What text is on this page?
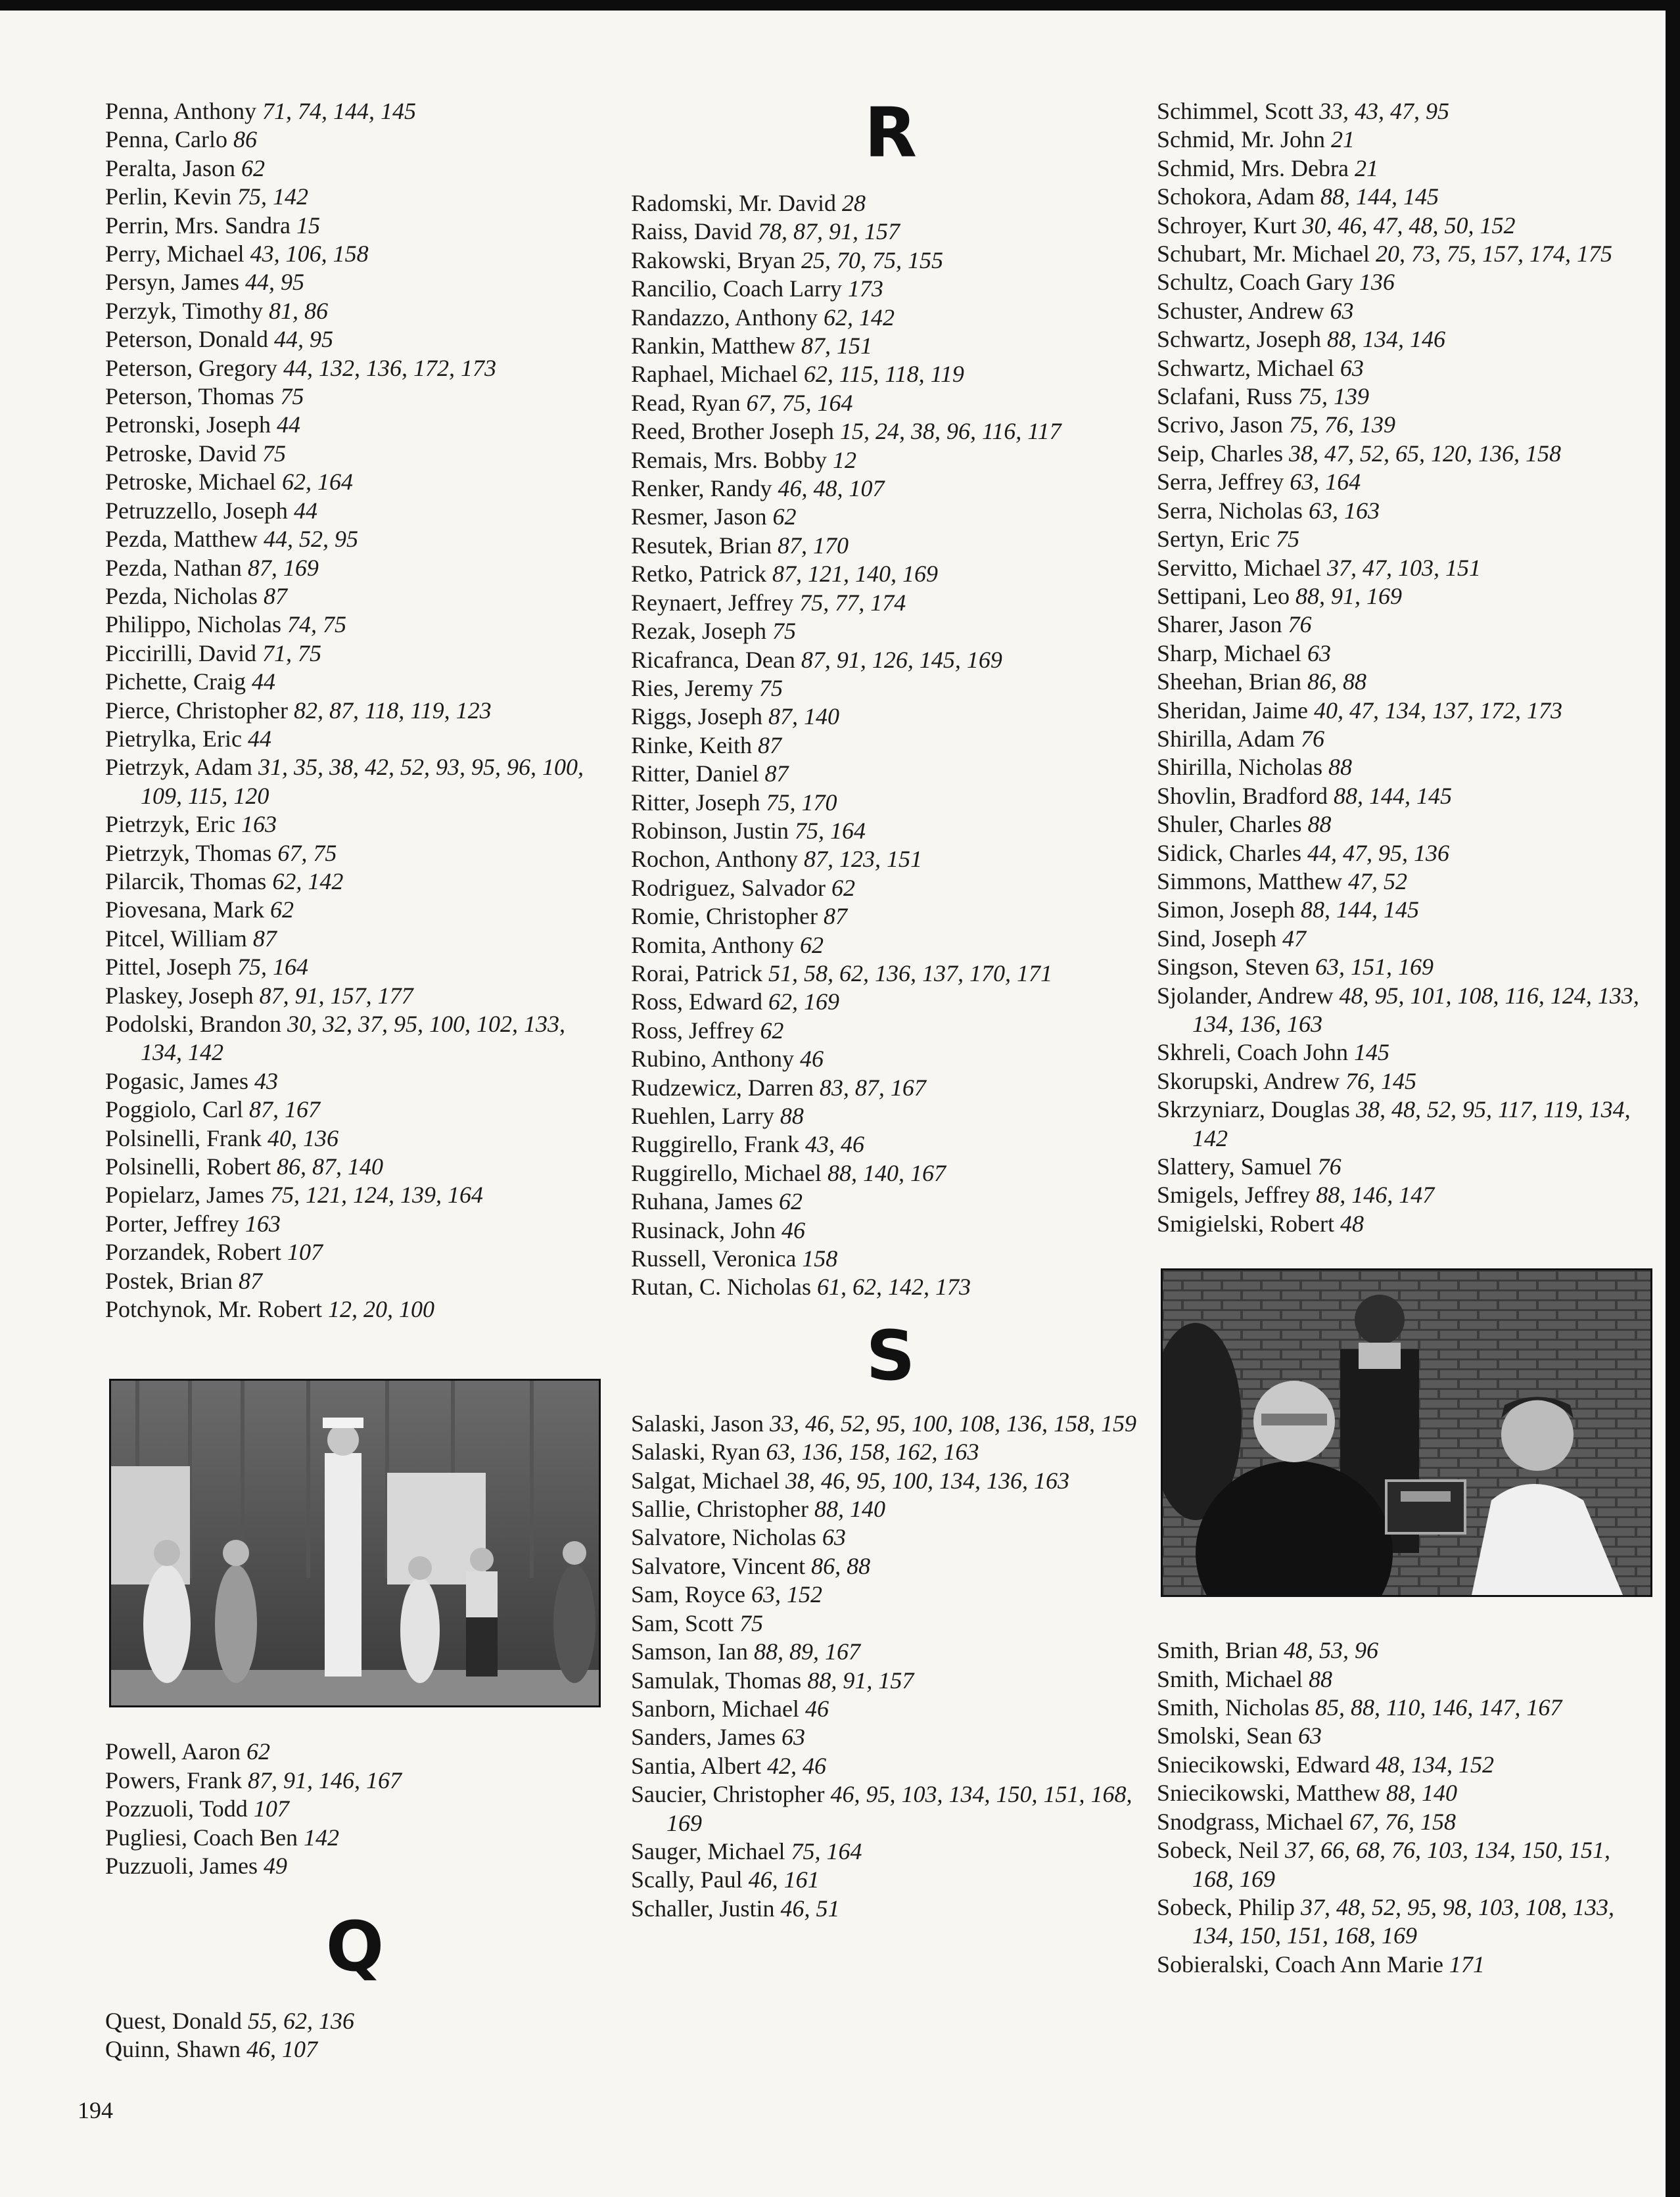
Penna, Anthony 71, 74, 144, 145
Penna, Carlo 86
Peralta, Jason 62
Perlin, Kevin 75, 142
Perrin, Mrs. Sandra 15
Perry, Michael 43, 106, 158
Persyn, James 44, 95
Perzyk, Timothy 81, 86
Peterson, Donald 44, 95
Peterson, Gregory 44, 132, 136, 172, 173
Peterson, Thomas 75
Petronski, Joseph 44
Petroske, David 75
Petroske, Michael 62, 164
Petruzzello, Joseph 44
Pezda, Matthew 44, 52, 95
Pezda, Nathan 87, 169
Pezda, Nicholas 87
Philippo, Nicholas 74, 75
Piccirilli, David 71, 75
Pichette, Craig 44
Pierce, Christopher 82, 87, 118, 119, 123
Pietrylka, Eric 44
Pietrzyk, Adam 31, 35, 38, 42, 52, 93, 95, 96, 100, 109, 115, 120
Pietrzyk, Eric 163
Pietrzyk, Thomas 67, 75
Pilarcik, Thomas 62, 142
Piovesana, Mark 62
Pitcel, William 87
Pittel, Joseph 75, 164
Plaskey, Joseph 87, 91, 157, 177
Podolski, Brandon 30, 32, 37, 95, 100, 102, 133, 134, 142
Pogasic, James 43
Poggiolo, Carl 87, 167
Polsinelli, Frank 40, 136
Polsinelli, Robert 86, 87, 140
Popielarz, James 75, 121, 124, 139, 164
Porter, Jeffrey 163
Porzandek, Robert 107
Postek, Brian 87
Potchynok, Mr. Robert 12, 20, 100
Powell, Aaron 62
Powers, Frank 87, 91, 146, 167
Pozzuoli, Todd 107
Pugliesi, Coach Ben 142
Puzzuoli, James 49
Q
Quest, Donald 55, 62, 136
Quinn, Shawn 46, 107
R
Radomski, Mr. David 28
Raiss, David 78, 87, 91, 157
Rakowski, Bryan 25, 70, 75, 155
Rancilio, Coach Larry 173
Randazzo, Anthony 62, 142
Rankin, Matthew 87, 151
Raphael, Michael 62, 115, 118, 119
Read, Ryan 67, 75, 164
Reed, Brother Joseph 15, 24, 38, 96, 116, 117
Remais, Mrs. Bobby 12
Renker, Randy 46, 48, 107
Resmer, Jason 62
Resutek, Brian 87, 170
Retko, Patrick 87, 121, 140, 169
Reynaert, Jeffrey 75, 77, 174
Rezak, Joseph 75
Ricafranca, Dean 87, 91, 126, 145, 169
Ries, Jeremy 75
Riggs, Joseph 87, 140
Rinke, Keith 87
Ritter, Daniel 87
Ritter, Joseph 75, 170
Robinson, Justin 75, 164
Rochon, Anthony 87, 123, 151
Rodriguez, Salvador 62
Romie, Christopher 87
Romita, Anthony 62
Rorai, Patrick 51, 58, 62, 136, 137, 170, 171
Ross, Edward 62, 169
Ross, Jeffrey 62
Rubino, Anthony 46
Rudzewicz, Darren 83, 87, 167
Ruehlen, Larry 88
Ruggirello, Frank 43, 46
Ruggirello, Michael 88, 140, 167
Ruhana, James 62
Rusinack, John 46
Russell, Veronica 158
Rutan, C. Nicholas 61, 62, 142, 173
S
Salaski, Jason 33, 46, 52, 95, 100, 108, 136, 158, 159
Salaski, Ryan 63, 136, 158, 162, 163
Salgat, Michael 38, 46, 95, 100, 134, 136, 163
Sallie, Christopher 88, 140
Salvatore, Nicholas 63
Salvatore, Vincent 86, 88
Sam, Royce 63, 152
Sam, Scott 75
Samson, Ian 88, 89, 167
Samulak, Thomas 88, 91, 157
Sanborn, Michael 46
Sanders, James 63
Santia, Albert 42, 46
Saucier, Christopher 46, 95, 103, 134, 150, 151, 168, 169
Sauger, Michael 75, 164
Scally, Paul 46, 161
Schaller, Justin 46, 51
Schimmel, Scott 33, 43, 47, 95
Schmid, Mr. John 21
Schmid, Mrs. Debra 21
Schokora, Adam 88, 144, 145
Schroyer, Kurt 30, 46, 47, 48, 50, 152
Schubart, Mr. Michael 20, 73, 75, 157, 174, 175
Schultz, Coach Gary 136
Schuster, Andrew 63
Schwartz, Joseph 88, 134, 146
Schwartz, Michael 63
Sclafani, Russ 75, 139
Scrivo, Jason 75, 76, 139
Seip, Charles 38, 47, 52, 65, 120, 136, 158
Serra, Jeffrey 63, 164
Serra, Nicholas 63, 163
Sertyn, Eric 75
Servitto, Michael 37, 47, 103, 151
Settipani, Leo 88, 91, 169
Sharer, Jason 76
Sharp, Michael 63
Sheehan, Brian 86, 88
Sheridan, Jaime 40, 47, 134, 137, 172, 173
Shirilla, Adam 76
Shirilla, Nicholas 88
Shovlin, Bradford 88, 144, 145
Shuler, Charles 88
Sidick, Charles 44, 47, 95, 136
Simmons, Matthew 47, 52
Simon, Joseph 88, 144, 145
Sind, Joseph 47
Singson, Steven 63, 151, 169
Sjolander, Andrew 48, 95, 101, 108, 116, 124, 133, 134, 136, 163
Skhreli, Coach John 145
Skorupski, Andrew 76, 145
Skrzyniarz, Douglas 38, 48, 52, 95, 117, 119, 134, 142
Slattery, Samuel 76
Smigels, Jeffrey 88, 146, 147
Smigielski, Robert 48
Smith, Brian 48, 53, 96
Smith, Michael 88
Smith, Nicholas 85, 88, 110, 146, 147, 167
Smolski, Sean 63
Sniecikowski, Edward 48, 134, 152
Sniecikowski, Matthew 88, 140
Snodgrass, Michael 67, 76, 158
Sobeck, Neil 37, 66, 68, 76, 103, 134, 150, 151, 168, 169
Sobeck, Philip 37, 48, 52, 95, 98, 103, 108, 133, 134, 150, 151, 168, 169
Sobieralski, Coach Ann Marie 171
194
